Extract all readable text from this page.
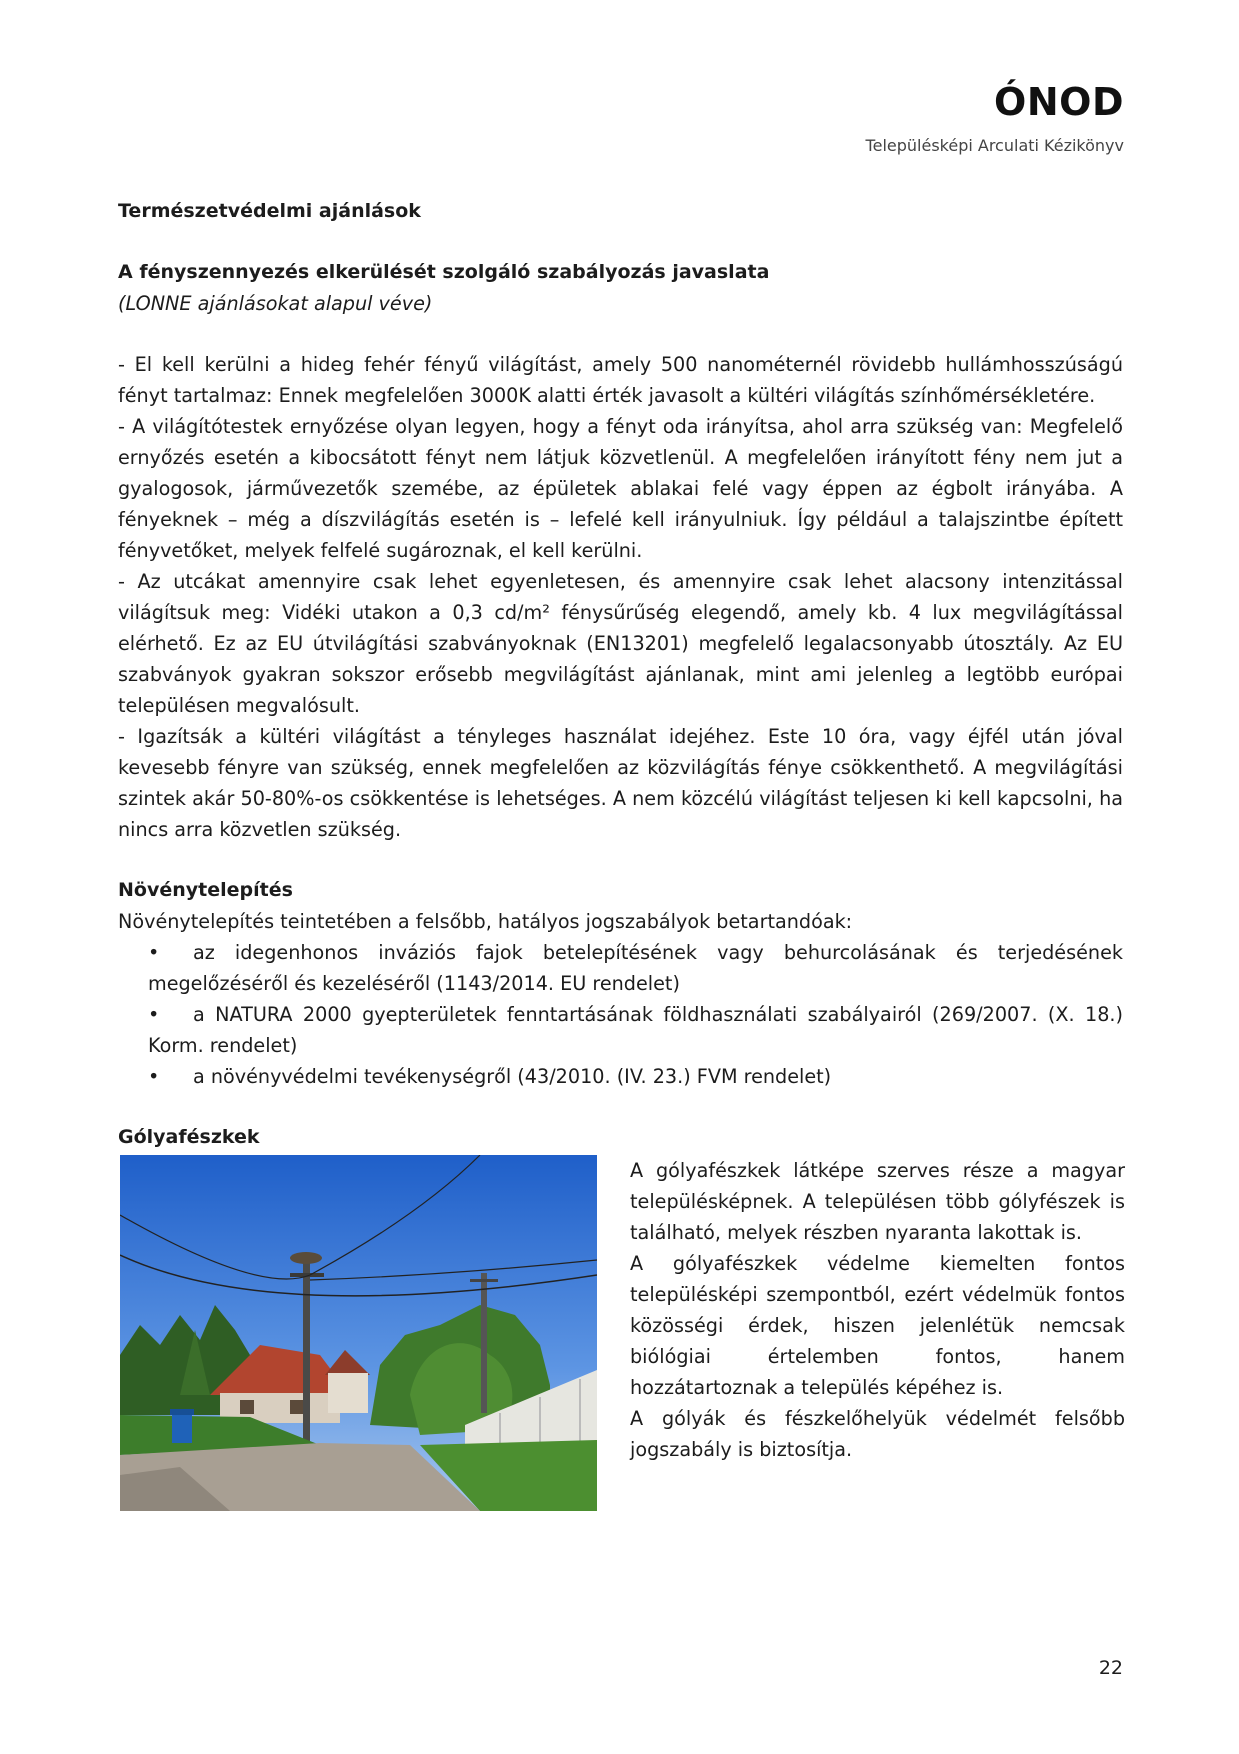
ÓNOD
Településképi Arculati Kézikönyv

Természetvédelmi ajánlások

A fényszennyezés elkerülését szolgáló szabályozás javaslata

(LONNE ajánlásokat alapul véve)

- El kell kerülni a hideg fehér fényű világítást, amely 500 nanométernél rövidebb hullámhosszúságú fényt tartalmaz: Ennek megfelelően 3000K alatti érték javasolt a kültéri világítás színhőmérsékletére.

- A világítótestek ernyőzése olyan legyen, hogy a fényt oda irányítsa, ahol arra szükség van: Megfelelő ernyőzés esetén a kibocsátott fényt nem látjuk közvetlenül. A megfelelően irányított fény nem jut a gyalogosok, járművezetők szemébe, az épületek ablakai felé vagy éppen az égbolt irányába. A fényeknek – még a díszvilágítás esetén is – lefelé kell irányulniuk. Így például a talajszintbe épített fényvetőket, melyek felfelé sugároznak, el kell kerülni.

- Az utcákat amennyire csak lehet egyenletesen, és amennyire csak lehet alacsony intenzitással világítsuk meg: Vidéki utakon a 0,3 cd/m² fénysűrűség elegendő, amely kb. 4 lux megvilágítással elérhető. Ez az EU útvilágítási szabványoknak (EN13201) megfelelő legalacsonyabb útosztály. Az EU szabványok gyakran sokszor erősebb megvilágítást ajánlanak, mint ami jelenleg a legtöbb európai településen megvalósult.

- Igazítsák a kültéri világítást a tényleges használat idejéhez. Este 10 óra, vagy éjfél után jóval kevesebb fényre van szükség, ennek megfelelően az közvilágítás fénye csökkenthető. A megvilágítási szintek akár 50-80%-os csökkentése is lehetséges. A nem közcélú világítást teljesen ki kell kapcsolni, ha nincs arra közvetlen szükség.

Növénytelepítés

Növénytelepítés teintetében a felsőbb, hatályos jogszabályok betartandóak:

•	az idegenhonos inváziós fajok betelepítésének vagy behurcolásának és terjedésének megelőzéséről és kezeléséről (1143/2014. EU rendelet)
•	a NATURA 2000 gyepterületek fenntartásának földhasználati szabályairól (269/2007. (X. 18.) Korm. rendelet)
•	a növényvédelmi tevékenységről (43/2010. (IV. 23.) FVM rendelet)

Gólyafészkek

A gólyafészkek látképe szerves része a magyar településképnek. A településen több gólyfészek is található, melyek részben nyaranta lakottak is.

A gólyafészkek védelme kiemelten fontos településképi szempontból, ezért védelmük fontos közösségi érdek, hiszen jelenlétük nemcsak biólógiai értelemben fontos, hanem hozzátartoznak a település képéhez is.

A gólyák és fészkelőhelyük védelmét felsőbb jogszabály is biztosítja.

22
